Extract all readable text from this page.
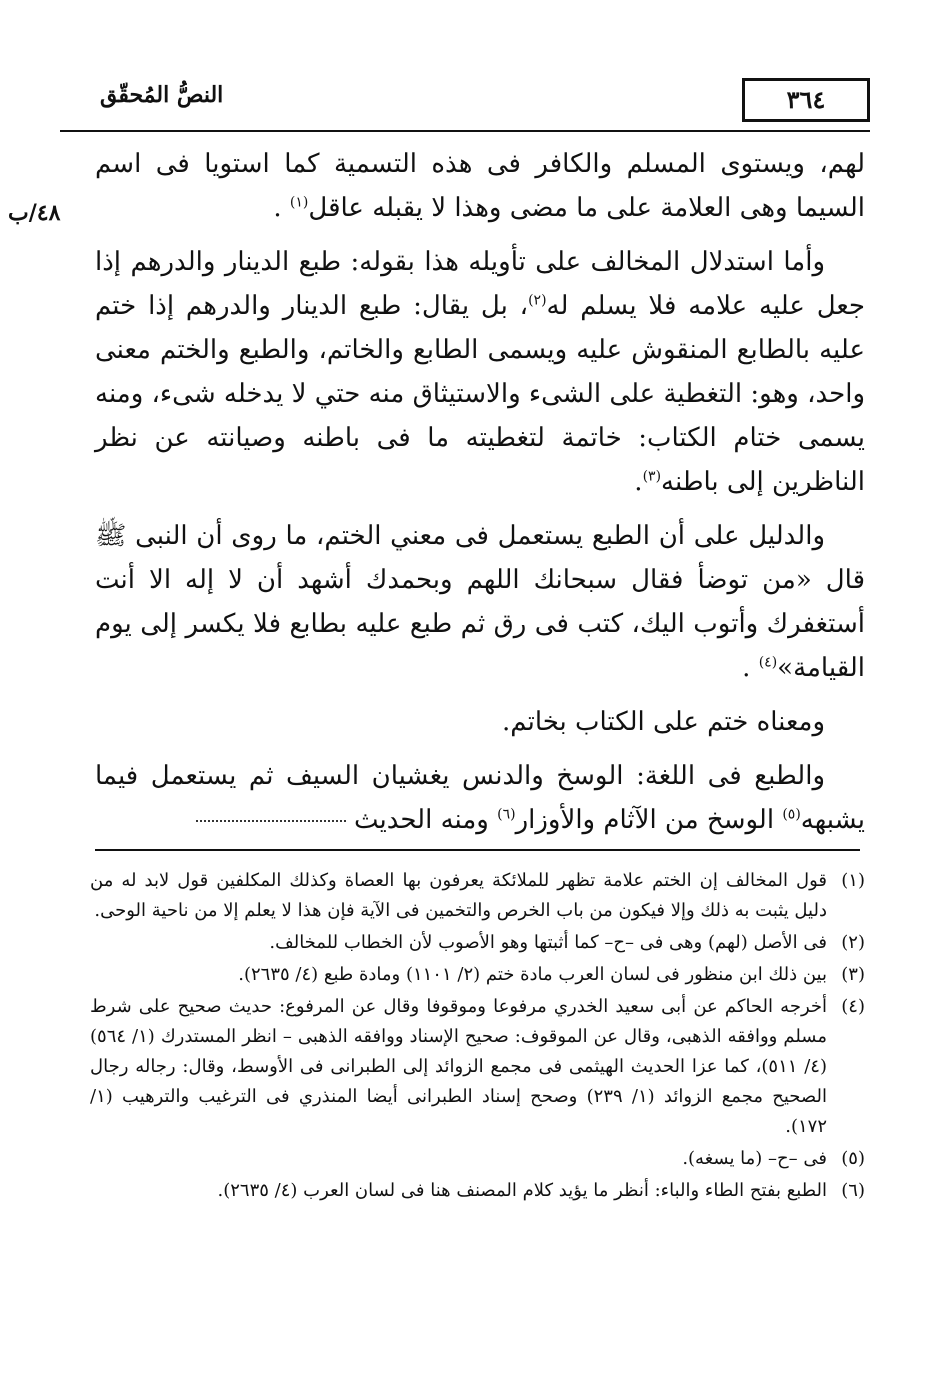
٣٦٤
النصُّ المُحقّق
٤٨/ب

لهم، ويستوى المسلم والكافر فى هذه التسمية كما استويا فى اسم السيما وهى العلامة على ما مضى وهذا لا يقبله عاقل$^{(١)}$ .

وأما استدلال المخالف على تأويله هذا بقوله: طبع الدينار والدرهم إذا جعل عليه علامه فلا يسلم له$^{(٢)}$، بل يقال: طبع الدينار والدرهم إذا ختم عليه بالطابع المنقوش عليه ويسمى الطابع والخاتم، والطبع والختم معنى واحد، وهو: التغطية على الشىء والاستيثاق منه حتي لا يدخله شىء، ومنه يسمى ختام الكتاب: خاتمة لتغطيته ما فى باطنه وصيانته عن نظر الناظرين إلى باطنه$^{(٣)}$.

والدليل على أن الطبع يستعمل فى معني الختم، ما روى أن النبى ﷺ قال «من توضأ فقال سبحانك اللهم وبحمدك أشهد أن لا إله الا أنت أستغفرك وأتوب اليك، كتب فى رق ثم طبع عليه بطابع فلا يكسر إلى يوم القيامة»$^{(٤)}$ .

ومعناه ختم على الكتاب بخاتم.

والطبع فى اللغة: الوسخ والدنس يغشيان السيف ثم يستعمل فيما يشبهه$^{(٥)}$ الوسخ من الآثام والأوزار$^{(٦)}$ ومنه الحديث

(١)قول المخالف إن الختم علامة تظهر للملائكة يعرفون بها العصاة وكذلك المكلفين قول لابد له من دليل يثبت به ذلك وإلا فيكون من باب الخرص والتخمين فى الآية فإن هذا لا يعلم إلا من ناحية الوحى.

(٢)فى الأصل (لهم) وهى فى –ح– كما أثبتها وهو الأصوب لأن الخطاب للمخالف.

(٣)بين ذلك ابن منظور فى لسان العرب مادة ختم (٢/ ١١٠١) ومادة طبع (٤/ ٢٦٣٥).

(٤)أخرجه الحاكم عن أبى سعيد الخدري مرفوعا وموقوفا وقال عن المرفوع: حديث صحيح على شرط مسلم ووافقه الذهبى، وقال عن الموقوف: صحيح الإسناد ووافقه الذهبى – انظر المستدرك (١/ ٥٦٤) (٤/ ٥١١)، كما عزا الحديث الهيثمى فى مجمع الزوائد إلى الطبرانى فى الأوسط، وقال: رجاله رجال الصحيح مجمع الزوائد (١/ ٢٣٩) وصحح إسناد الطبرانى أيضا المنذري فى الترغيب والترهيب (١/ ١٧٢).

(٥)فى –ح– (ما يسغه).

(٦)الطبع بفتح الطاء والباء: أنظر ما يؤيد كلام المصنف هنا فى لسان العرب (٤/ ٢٦٣٥).
